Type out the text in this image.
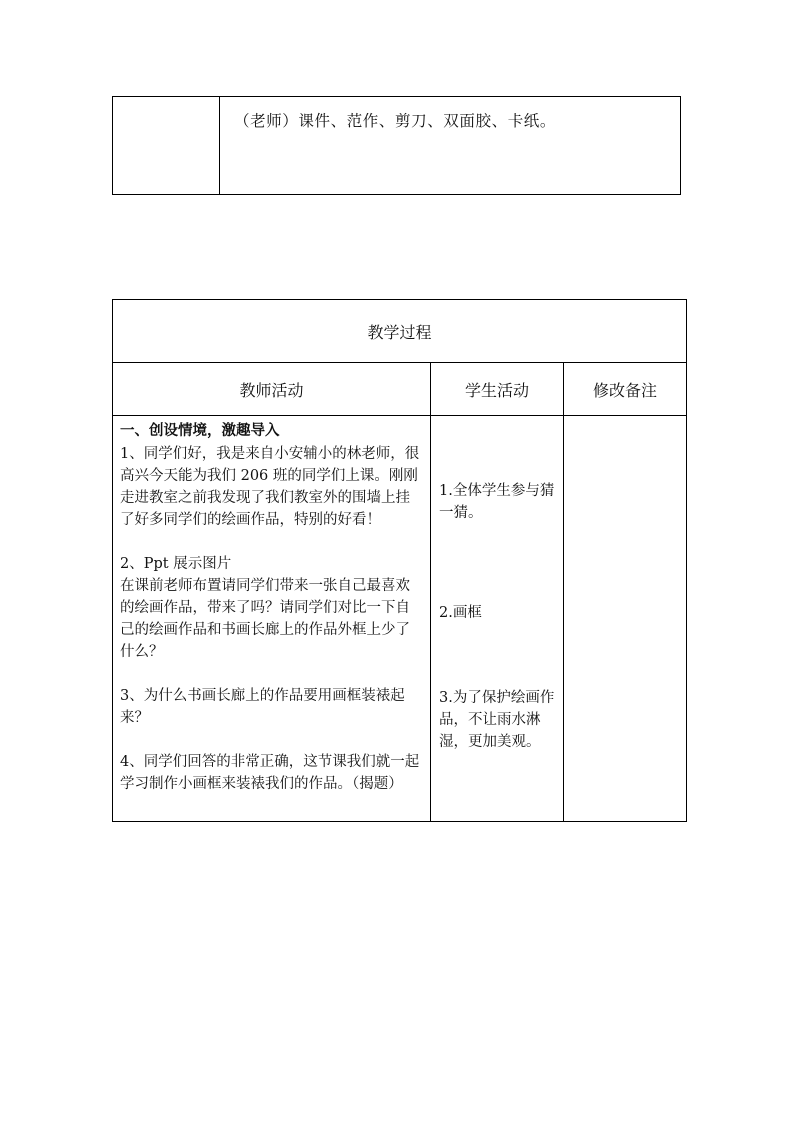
（老师）课件、范作、剪刀、双面胶、卡纸。
教学过程
教师活动	学生活动	修改备注
一、创设情境，激趣导入

1、同学们好，我是来自小安辅小的林老师，很高兴今天能为我们 206 班的同学们上课。刚刚走进教室之前我发现了我们教室外的围墙上挂了好多同学们的绘画作品，特别的好看！

2、Ppt 展示图片

在课前老师布置请同学们带来一张自己最喜欢的绘画作品，带来了吗？请同学们对比一下自己的绘画作品和书画长廊上的作品外框上少了什么？

3、为什么书画长廊上的作品要用画框装裱起来？

4、同学们回答的非常正确，这节课我们就一起学习制作小画框来装裱我们的作品。（揭题）

1.全体学生参与猜一猜。
2.画框
3.为了保护绘画作品，不让雨水淋湿，更加美观。
